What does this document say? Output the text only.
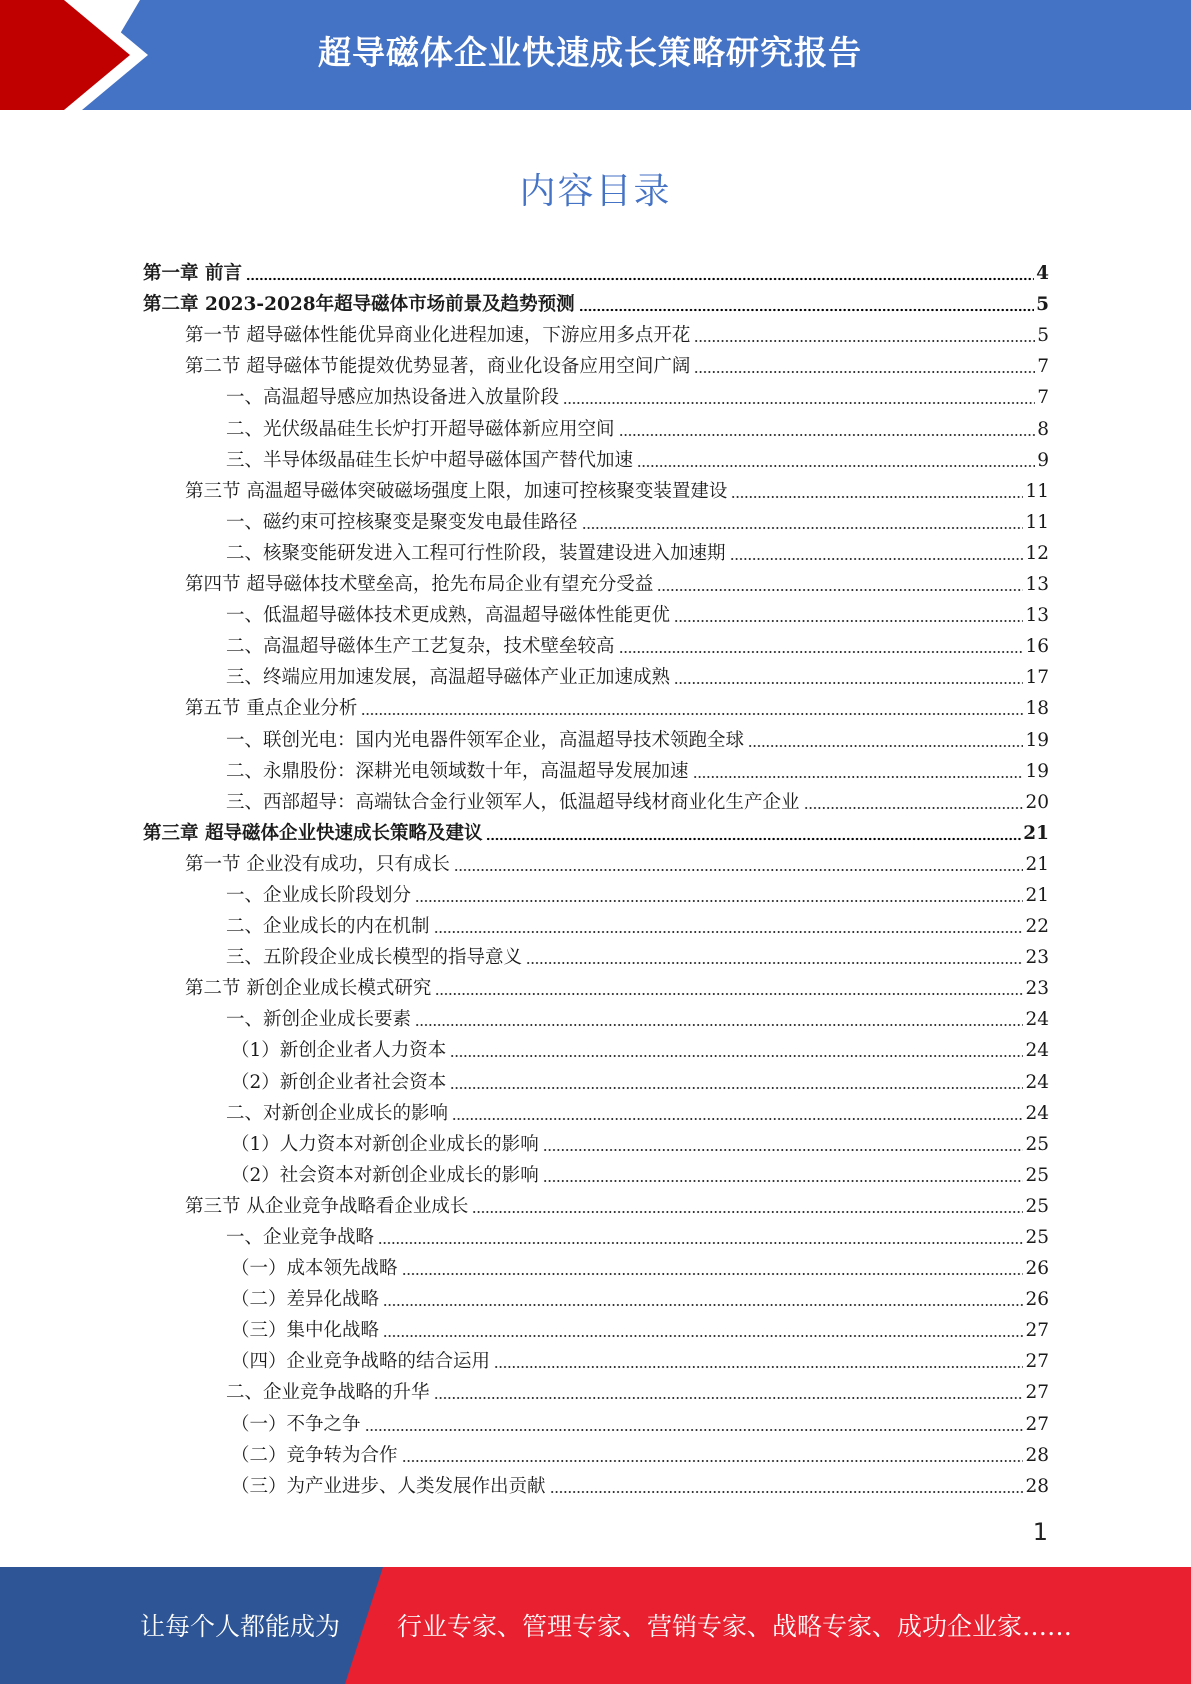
超导磁体企业快速成长策略研究报告
内容目录
第一章 前言	4
第二章 2023-2028年超导磁体市场前景及趋势预测	5
第一节 超导磁体性能优异商业化进程加速，下游应用多点开花	5
第二节 超导磁体节能提效优势显著，商业化设备应用空间广阔	7
一、高温超导感应加热设备进入放量阶段	7
二、光伏级晶硅生长炉打开超导磁体新应用空间	8
三、半导体级晶硅生长炉中超导磁体国产替代加速	9
第三节 高温超导磁体突破磁场强度上限，加速可控核聚变装置建设	11
一、磁约束可控核聚变是聚变发电最佳路径	11
二、核聚变能研发进入工程可行性阶段，装置建设进入加速期	12
第四节 超导磁体技术壁垒高，抢先布局企业有望充分受益	13
一、低温超导磁体技术更成熟，高温超导磁体性能更优	13
二、高温超导磁体生产工艺复杂，技术壁垒较高	16
三、终端应用加速发展，高温超导磁体产业正加速成熟	17
第五节 重点企业分析	18
一、联创光电：国内光电器件领军企业，高温超导技术领跑全球	19
二、永鼎股份：深耕光电领域数十年，高温超导发展加速	19
三、西部超导：高端钛合金行业领军人，低温超导线材商业化生产企业	20
第三章 超导磁体企业快速成长策略及建议	21
第一节 企业没有成功，只有成长	21
一、企业成长阶段划分	21
二、企业成长的内在机制	22
三、五阶段企业成长模型的指导意义	23
第二节 新创企业成长模式研究	23
一、新创企业成长要素	24
（1）新创企业者人力资本	24
（2）新创企业者社会资本	24
二、对新创企业成长的影响	24
（1）人力资本对新创企业成长的影响	25
（2）社会资本对新创企业成长的影响	25
第三节 从企业竞争战略看企业成长	25
一、企业竞争战略	25
（一）成本领先战略	26
（二）差异化战略	26
（三）集中化战略	27
（四）企业竞争战略的结合运用	27
二、企业竞争战略的升华	27
（一）不争之争	27
（二）竞争转为合作	28
（三）为产业进步、人类发展作出贡献	28
1
让每个人都能成为 行业专家、管理专家、营销专家、战略专家、成功企业家……
